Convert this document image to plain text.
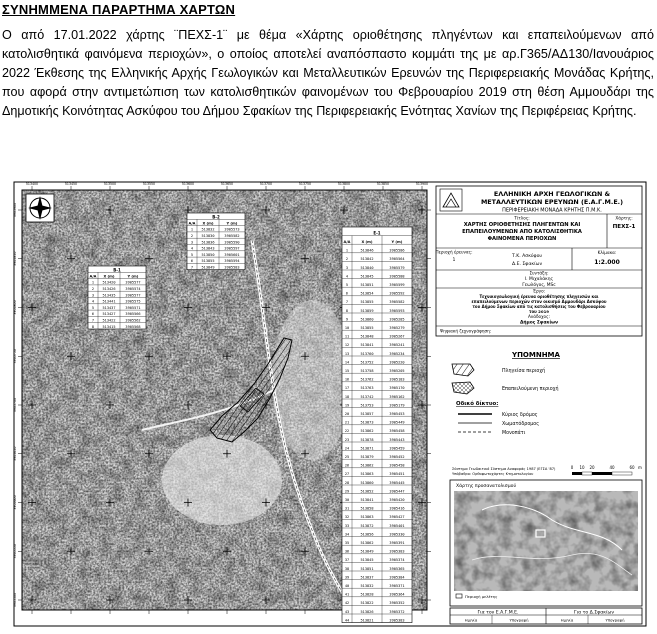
ΣΥΝΗΜΜΕΝΑ ΠΑΡΑΡΤΗΜΑ ΧΑΡΤΩΝ
Ο από 17.01.2022 χάρτης ¨ΠΕΧΣ-1¨ με θέμα «Χάρτης οριοθέτησης πληγέντων και επαπειλούμενων από κατολισθητικά φαινόμενα περιοχών», ο οποίος αποτελεί αναπόσπαστο κομμάτι της με αρ.Γ365/ΑΔ130/Ιανουάριος 2022 Έκθεσης της Ελληνικής Αρχής Γεωλογικών και Μεταλλευτικών Ερευνών της Περιφερειακής Μονάδας Κρήτης, που αφορά στην αντιμετώπιση των κατολισθητικών φαινομένων του Φεβρουαρίου 2019 στη θέση Αμμουδάρι της Δημοτικής Κοινότητας Ασκύφου του Δήμου Σφακίων της Περιφερειακής Ενότητας Χανίων της Περιφέρειας Κρήτης.
513400	513450	513500	513550	513600	513650	513700	513750	513800	513850	513900
3905900
3905850
3905800
3905750
3905700
3905650
3905600
3905550
3905500
Β-2
Α/Α Χ (m)	Υ (m)
1 513832	3905573
2 513830	3905582
3 513836	3905590
4 513843	3905597
5 513850	3905601
6 513855	3905594
7 513849	3905583
Β-1
Α/Α Χ (m)	Υ (m)
1 513420	3905577
2 513426	3905574
3 513435	3905577
4 513441	3905575
5 513437	3905571
6 513427	3905566
7 513422	3905562
8 513415	3905568
Ε-1
Α/Α	Χ (m)	Υ (m)
1	513846	3905586
2	513842	3905564
3	513840	3905579
4	513845	3905588
5	513851	3905599
6	513854	3905592
7	513855	3905582
8	513859	3905593
9	513860	3905285
10	513855	3905279
11	513848	3905267
12	513841	3905241
13	513760	3905234
14	513752	3905220
15	513758	3905205
16	513762	3905183
17	513763	3905170
18	513742	3905162
19	513753	3905179
20	513857	3905453
21	513873	3905449
22	513862	3905458
23	513878	3905443
24	513871	3905459
25	513879	3905452
26	513862	3905458
27	513863	3905451
28	513860	3905445
29	513852	3905447
30	513841	3905420
31	513858	3905416
32	513863	3905427
33	513872	3905401
34	513856	3905330
35	513862	3905391
36	513849	3905383
37	513845	3905374
38	513851	3905365
39	513837	3905384
40	513832	3905371
41	513828	3905364
42	513822	3905352
43	513826	3905372
44	513821	3905383
ΕΛΛΗΝΙΚΗ ΑΡΧΗ ΓΕΩΛΟΓΙΚΩΝ &
ΜΕΤΑΛΛΕΥΤΙΚΩΝ ΕΡΕΥΝΩΝ (Ε.Α.Γ.Μ.Ε.)
ΠΕΡΙΦΕΡΕΙΑΚΗ ΜΟΝΑΔΑ ΚΡΗΤΗΣ Π.Μ.Κ.
Τίτλος:
ΧΑΡΤΗΣ ΟΡΙΟΘΕΤΗΣΗΣ ΠΛΗΓΕΝΤΩΝ ΚΑΙ
ΕΠΑΠΕΙΛΟΥΜΕΝΩΝ ΑΠΟ ΚΑΤΟΛΙΣΘΗΤΙΚΑ
ΦΑΙΝΟΜΕΝΑ ΠΕΡΙΟΧΩΝ
Χάρτης:
ΠΕΧΣ-1
Περιοχή έρευνας:
1
Τ.Κ. Ασκύφου
Δ.Ε. Σφακίων
Κλίμακα:
1:2.000
Συντάξη:
Ι. Μιχαλάκης
Γεωλόγος, MSc
Έργο:
Τεχνικογεωλογική έρευνα οριοθέτησης πληγεισών και
επαπειλούμενων περιοχών στον οικισμό Αμμουδάρι Ασκύφου
του Δήμου Σφακίων από τις κατολισθήσεις του Φεβρουαρίου
του 2019
Ανάδοχος:
Δήμος Σφακίων
Ψηφιακή ζεχνογράφηση:
ΥΠΟΜΝΗΜΑ
Πληγείσα περιοχή
Επαπειλούμενη περιοχή
Οδικό δίκτυο:
Κύριος δρόμος
Χωματόδρομος
Μονοπάτι
Σύστημα Γεωδαιτικό Σύστημα Αναφοράς 1987 (ΕΓΣΑ '87)
Υπόβαθρο: Ορθοφωτοχάρτες Κτηματολογίου
0 10 20	40	60 m
Χάρτης προσανατολισμού
Περιοχή μελέτης
Για τον Ε.Α.Γ.Μ.Ε.	Για το Δ.Σφακίων
Ημ/νία	Υπογραφή	Ημ/νία	Υπογραφή
